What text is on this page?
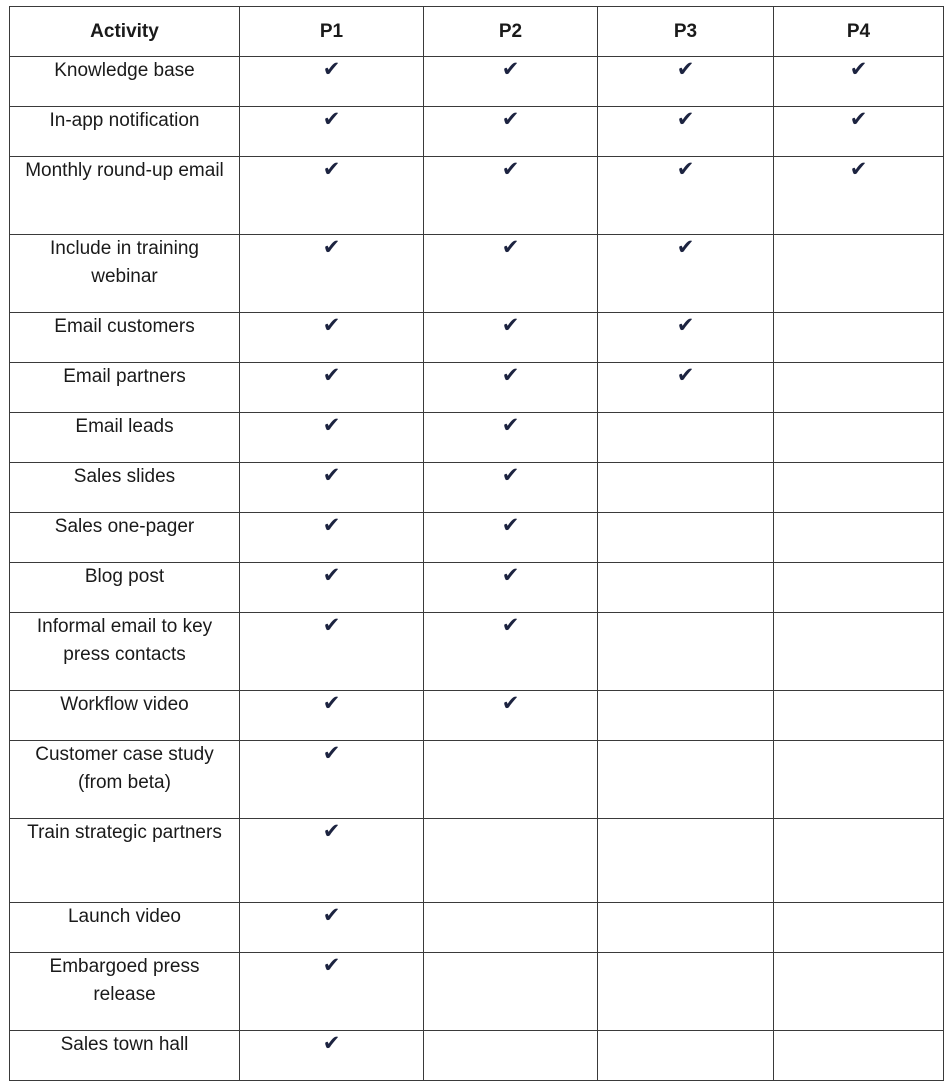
Activity	P1	P2	P3	P4
Knowledge base	✔	✔	✔	✔
In-app notification	✔	✔	✔	✔
Monthly round-up email	✔	✔	✔	✔
Include in training webinar	✔	✔	✔	
Email customers	✔	✔	✔	
Email partners	✔	✔	✔	
Email leads	✔	✔		
Sales slides	✔	✔		
Sales one-pager	✔	✔		
Blog post	✔	✔		
Informal email to key press contacts	✔	✔		
Workflow video	✔	✔		
Customer case study (from beta)	✔			
Train strategic partners	✔			
Launch video	✔			
Embargoed press release	✔			
Sales town hall	✔			
